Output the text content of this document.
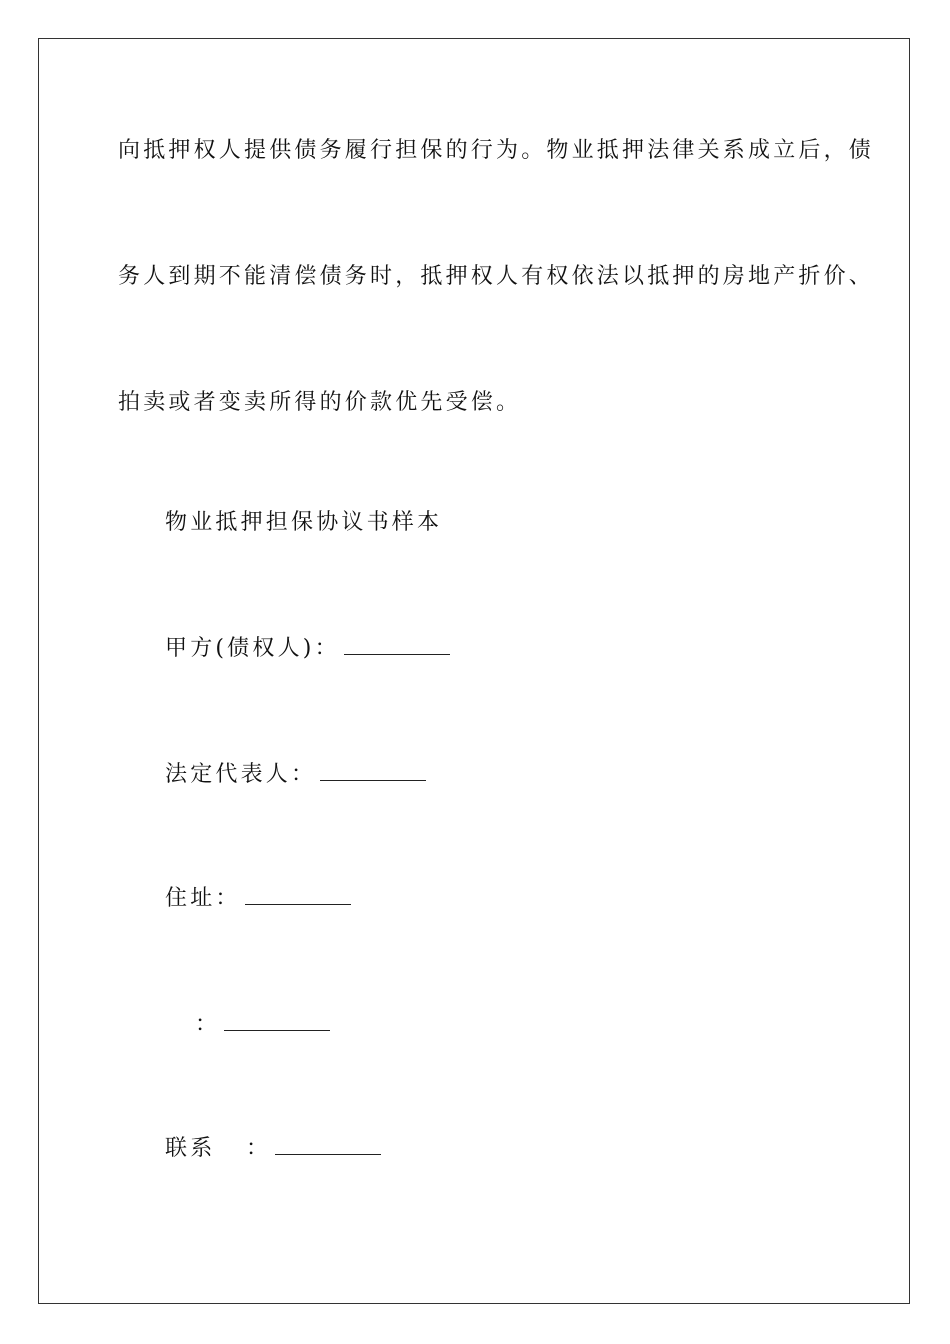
向抵押权人提供债务履行担保的行为。物业抵押法律关系成立后，债
务人到期不能清偿债务时，抵押权人有权依法以抵押的房地产折价、
拍卖或者变卖所得的价款优先受偿。
物业抵押担保协议书样本
甲方(债权人)：
法定代表人：
住址：
：
联系   ：
